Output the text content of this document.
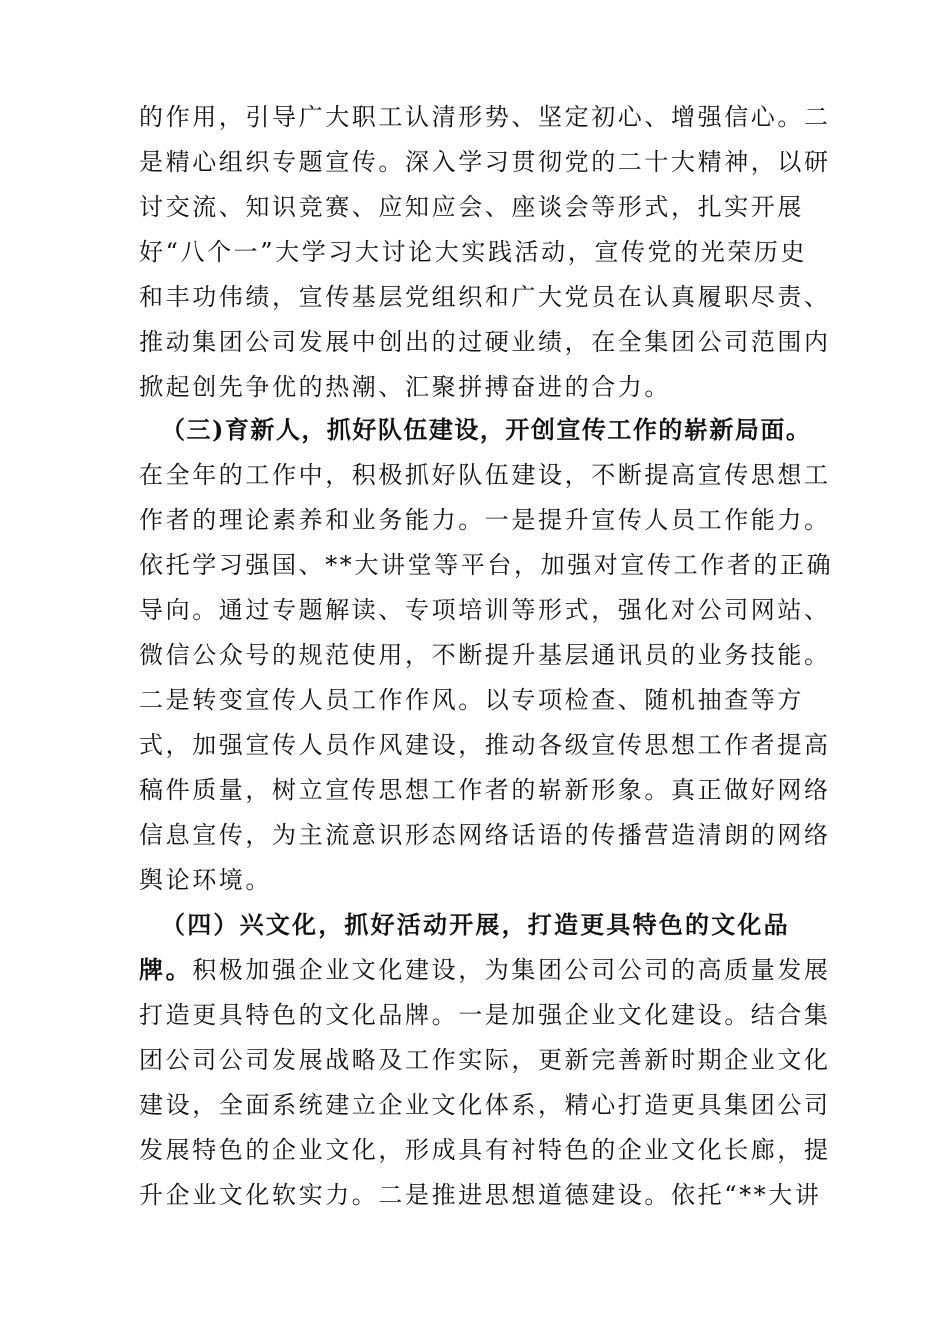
的作用，引导广大职工认清形势、坚定初心、增强信心。二
是精心组织专题宣传。深入学习贯彻党的二十大精神，以研
讨交流、知识竞赛、应知应会、座谈会等形式，扎实开展
好“八个一”大学习大讨论大实践活动，宣传党的光荣历史
和丰功伟绩，宣传基层党组织和广大党员在认真履职尽责、
推动集团公司发展中创出的过硬业绩，在全集团公司范围内
掀起创先争优的热潮、汇聚拼搏奋进的合力。
（三)育新人，抓好队伍建设，开创宣传工作的崭新局面。
在全年的工作中，积极抓好队伍建设，不断提高宣传思想工
作者的理论素养和业务能力。一是提升宣传人员工作能力。
依托学习强国、**大讲堂等平台，加强对宣传工作者的正确
导向。通过专题解读、专项培训等形式，强化对公司网站、
微信公众号的规范使用，不断提升基层通讯员的业务技能。
二是转变宣传人员工作作风。以专项检查、随机抽查等方
式，加强宣传人员作风建设，推动各级宣传思想工作者提高
稿件质量，树立宣传思想工作者的崭新形象。真正做好网络
信息宣传，为主流意识形态网络话语的传播营造清朗的网络
舆论环境。
（四）兴文化，抓好活动开展，打造更具特色的文化品
牌。积极加强企业文化建设，为集团公司公司的高质量发展
打造更具特色的文化品牌。一是加强企业文化建设。结合集
团公司公司发展战略及工作实际，更新完善新时期企业文化
建设，全面系统建立企业文化体系，精心打造更具集团公司
发展特色的企业文化，形成具有衬特色的企业文化长廊，提
升企业文化软实力。二是推进思想道德建设。依托“**大讲
